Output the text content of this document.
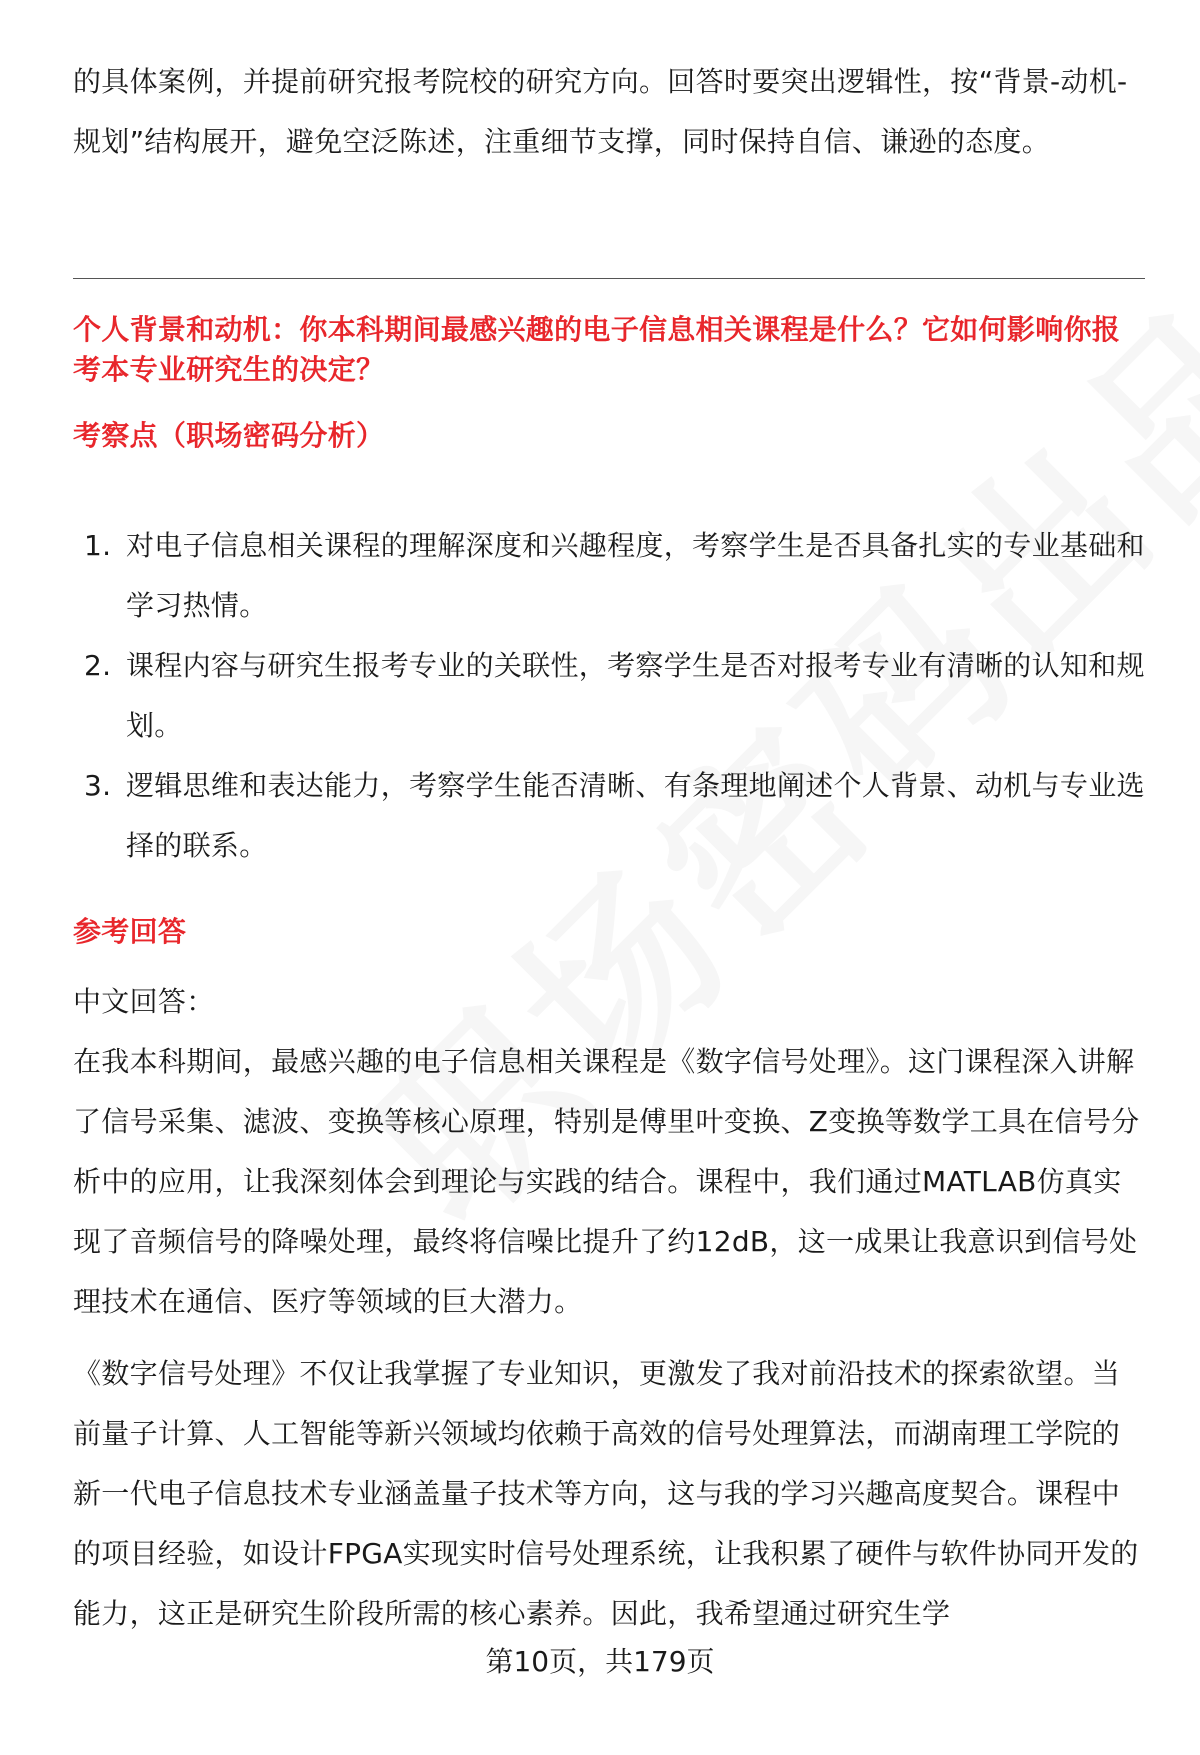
的具体案例，并提前研究报考院校的研究方向。回答时要突出逻辑性，按“背景-动机-规划”结构展开，避免空泛陈述，注重细节支撑，同时保持自信、谦逊的态度。

个人背景和动机：你本科期间最感兴趣的电子信息相关课程是什么？它如何影响你报考本专业研究生的决定？

考察点（职场密码分析）

1. 对电子信息相关课程的理解深度和兴趣程度，考察学生是否具备扎实的专业基础和学习热情。
2. 课程内容与研究生报考专业的关联性，考察学生是否对报考专业有清晰的认知和规划。
3. 逻辑思维和表达能力，考察学生能否清晰、有条理地阐述个人背景、动机与专业选择的联系。

参考回答

中文回答：

在我本科期间，最感兴趣的电子信息相关课程是《数字信号处理》。这门课程深入讲解了信号采集、滤波、变换等核心原理，特别是傅里叶变换、Z变换等数学工具在信号分析中的应用，让我深刻体会到理论与实践的结合。课程中，我们通过MATLAB仿真实现了音频信号的降噪处理，最终将信噪比提升了约12dB，这一成果让我意识到信号处理技术在通信、医疗等领域的巨大潜力。

《数字信号处理》不仅让我掌握了专业知识，更激发了我对前沿技术的探索欲望。当前量子计算、人工智能等新兴领域均依赖于高效的信号处理算法，而湖南理工学院的新一代电子信息技术专业涵盖量子技术等方向，这与我的学习兴趣高度契合。课程中的项目经验，如设计FPGA实现实时信号处理系统，让我积累了硬件与软件协同开发的能力，这正是研究生阶段所需的核心素养。因此，我希望通过研究生学

第10页，共179页
